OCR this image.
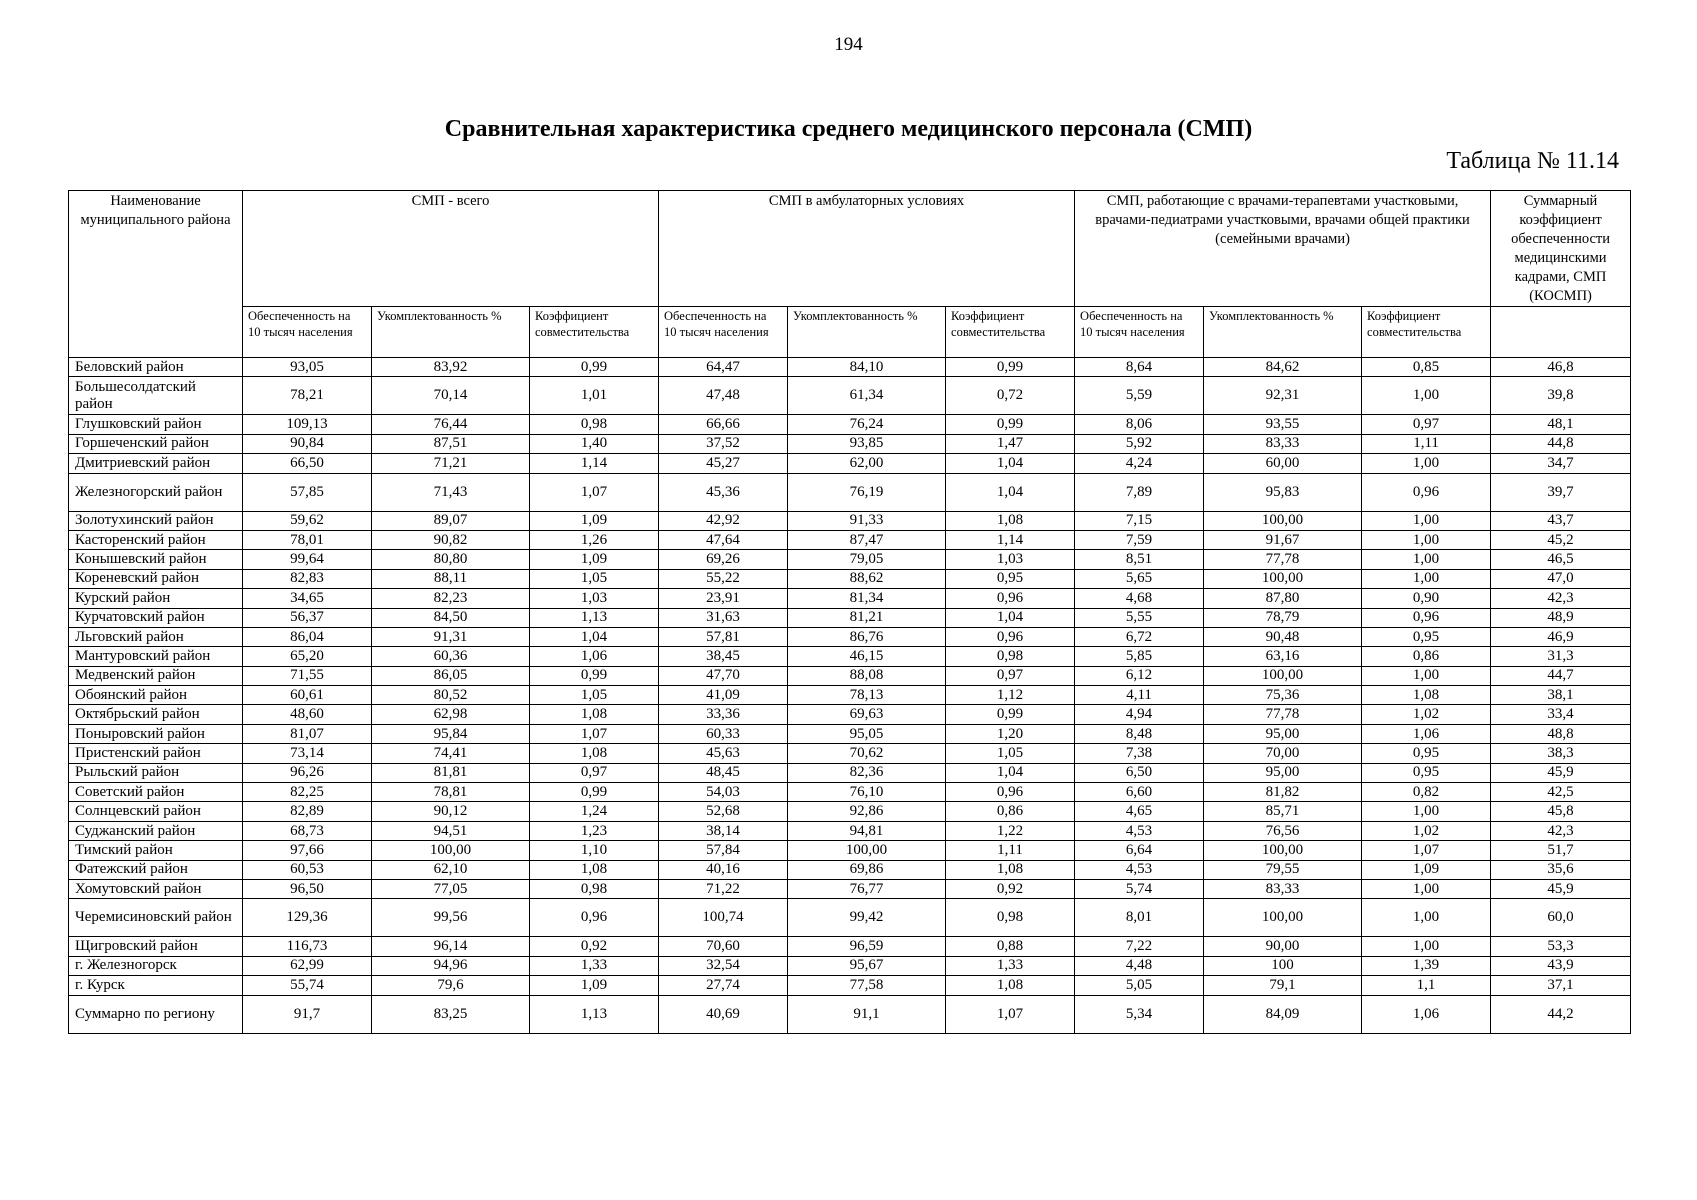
194
Сравнительная характеристика среднего медицинского персонала (СМП)
Таблица № 11.14
Наименование муниципального района	СМП - всего			СМП в амбулаторных условиях			СМП, работающие с врачами-терапевтами участковыми, врачами-педиатрами участковыми, врачами общей практики (семейными врачами)			Суммарный коэффициент обеспеченности медицинскими кадрами, СМП (КОСМП)
	Обеспеченность на 10 тысяч населения	Укомплектованность %	Коэффициент совместительства	Обеспеченность на 10 тысяч населения	Укомплектованность %	Коэффициент совместительства	Обеспеченность на 10 тысяч населения	Укомплектованность %	Коэффициент совместительства	
Беловский район	93,05	83,92	0,99	64,47	84,10	0,99	8,64	84,62	0,85	46,8
Большесолдатский район	78,21	70,14	1,01	47,48	61,34	0,72	5,59	92,31	1,00	39,8
Глушковский район	109,13	76,44	0,98	66,66	76,24	0,99	8,06	93,55	0,97	48,1
Горшеченский район	90,84	87,51	1,40	37,52	93,85	1,47	5,92	83,33	1,11	44,8
Дмитриевский район	66,50	71,21	1,14	45,27	62,00	1,04	4,24	60,00	1,00	34,7
Железногорский район	57,85	71,43	1,07	45,36	76,19	1,04	7,89	95,83	0,96	39,7
Золотухинский район	59,62	89,07	1,09	42,92	91,33	1,08	7,15	100,00	1,00	43,7
Касторенский район	78,01	90,82	1,26	47,64	87,47	1,14	7,59	91,67	1,00	45,2
Конышевский район	99,64	80,80	1,09	69,26	79,05	1,03	8,51	77,78	1,00	46,5
Кореневский район	82,83	88,11	1,05	55,22	88,62	0,95	5,65	100,00	1,00	47,0
Курский район	34,65	82,23	1,03	23,91	81,34	0,96	4,68	87,80	0,90	42,3
Курчатовский район	56,37	84,50	1,13	31,63	81,21	1,04	5,55	78,79	0,96	48,9
Льговский район	86,04	91,31	1,04	57,81	86,76	0,96	6,72	90,48	0,95	46,9
Мантуровский район	65,20	60,36	1,06	38,45	46,15	0,98	5,85	63,16	0,86	31,3
Медвенский район	71,55	86,05	0,99	47,70	88,08	0,97	6,12	100,00	1,00	44,7
Обоянский район	60,61	80,52	1,05	41,09	78,13	1,12	4,11	75,36	1,08	38,1
Октябрьский район	48,60	62,98	1,08	33,36	69,63	0,99	4,94	77,78	1,02	33,4
Поныровский район	81,07	95,84	1,07	60,33	95,05	1,20	8,48	95,00	1,06	48,8
Пристенский район	73,14	74,41	1,08	45,63	70,62	1,05	7,38	70,00	0,95	38,3
Рыльский район	96,26	81,81	0,97	48,45	82,36	1,04	6,50	95,00	0,95	45,9
Советский район	82,25	78,81	0,99	54,03	76,10	0,96	6,60	81,82	0,82	42,5
Солнцевский район	82,89	90,12	1,24	52,68	92,86	0,86	4,65	85,71	1,00	45,8
Суджанский район	68,73	94,51	1,23	38,14	94,81	1,22	4,53	76,56	1,02	42,3
Тимский район	97,66	100,00	1,10	57,84	100,00	1,11	6,64	100,00	1,07	51,7
Фатежский район	60,53	62,10	1,08	40,16	69,86	1,08	4,53	79,55	1,09	35,6
Хомутовский район	96,50	77,05	0,98	71,22	76,77	0,92	5,74	83,33	1,00	45,9
Черемисиновский район	129,36	99,56	0,96	100,74	99,42	0,98	8,01	100,00	1,00	60,0
Щигровский район	116,73	96,14	0,92	70,60	96,59	0,88	7,22	90,00	1,00	53,3
г. Железногорск	62,99	94,96	1,33	32,54	95,67	1,33	4,48	100	1,39	43,9
г. Курск	55,74	79,6	1,09	27,74	77,58	1,08	5,05	79,1	1,1	37,1
Суммарно по региону	91,7	83,25	1,13	40,69	91,1	1,07	5,34	84,09	1,06	44,2
